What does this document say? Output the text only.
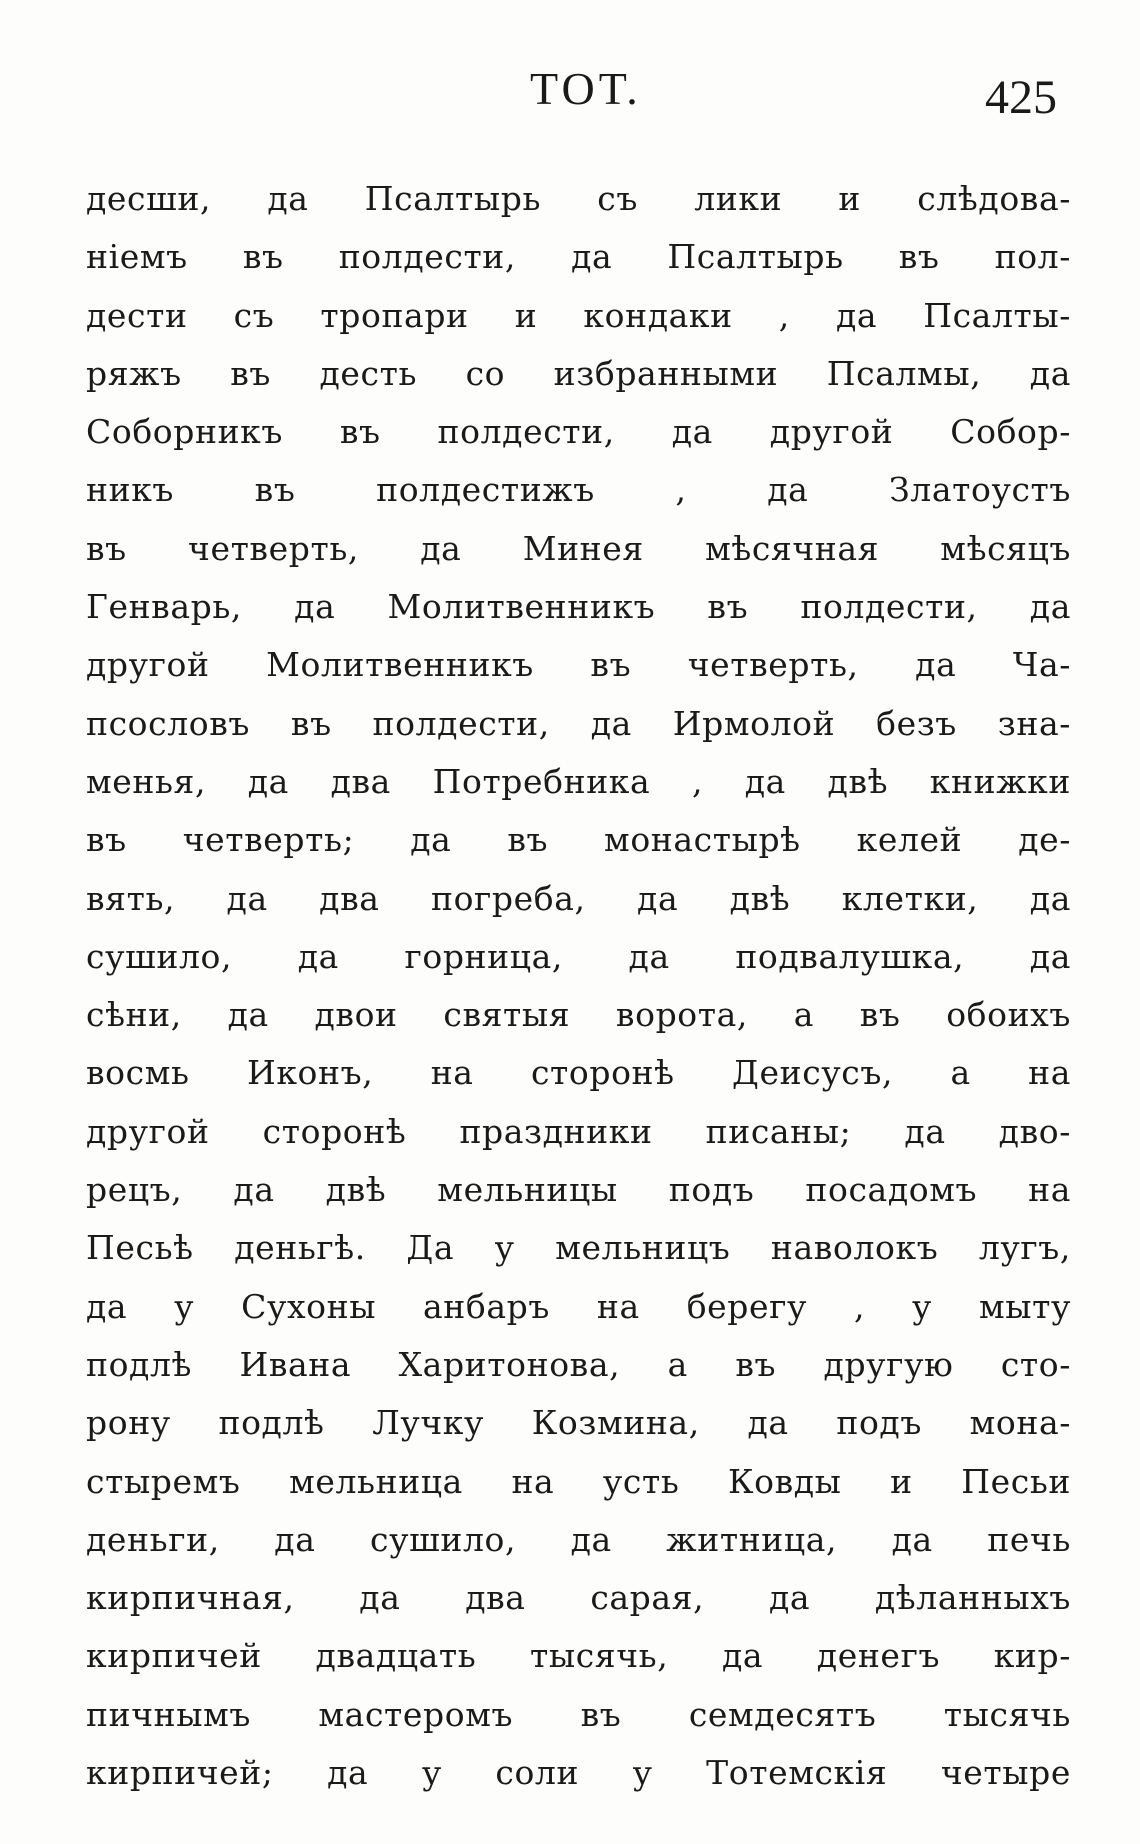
ТОТ.	425
десши, да Псалтырь съ лики и слѣдова-
ніемъ въ полдести, да Псалтырь въ пол-
дести съ тропари и кондаки , да Псалты-
ряжъ въ десть со избранными Псалмы, да
Соборникъ въ полдести, да другой Собор-
никъ въ полдестижъ , да Златоустъ
въ четверть, да Минея мѣсячная мѣсяцъ
Генварь, да Молитвенникъ въ полдести, да
другой Молитвенникъ въ четверть, да Ча-
псословъ въ полдести, да Ирмолой безъ зна-
менья, да два Потребника , да двѣ книжки
въ четверть; да въ монастырѣ келей де-
вять, да два погреба, да двѣ клетки, да
сушило, да горница, да подвалушка, да
сѣни, да двои святыя ворота, а въ обоихъ
восмь Иконъ, на сторонѣ Деисусъ, а на
другой сторонѣ праздники писаны; да дво-
рецъ, да двѣ мельницы подъ посадомъ на
Песьѣ деньгѣ. Да у мельницъ наволокъ лугъ,
да у Сухоны анбаръ на берегу , у мыту
подлѣ Ивана Харитонова, а въ другую сто-
рону подлѣ Лучку Козмина, да подъ мона-
стыремъ мельница на усть Ковды и Песьи
деньги, да сушило, да житница, да печь
кирпичная, да два сарая, да дѣланныхъ
кирпичей двадцать тысячь, да денегъ кир-
пичнымъ мастеромъ въ семдесятъ тысячь
кирпичей; да у соли у Тотемскія четыре
